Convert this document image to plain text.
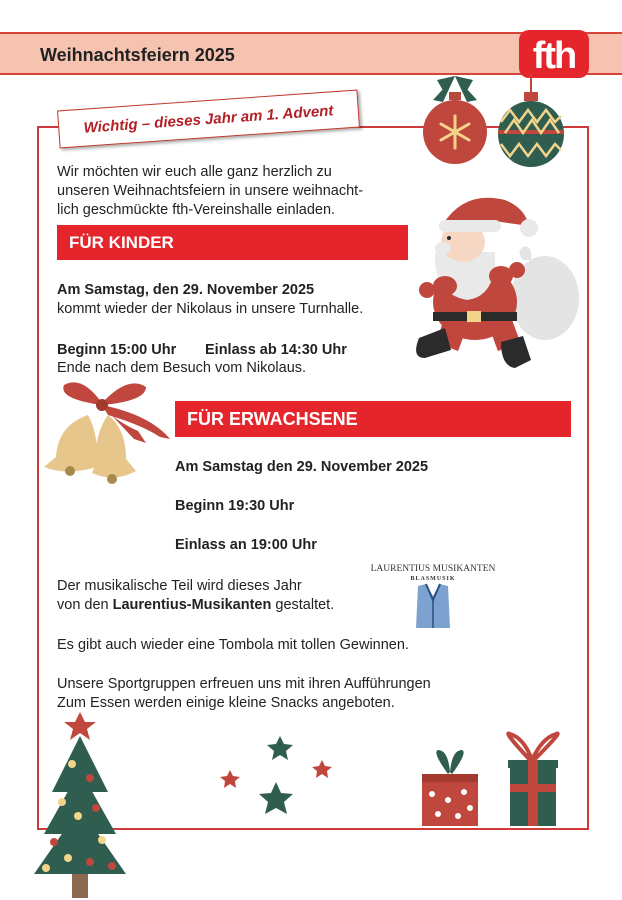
Weihnachtsfeiern 2025	fth
Wichtig – dieses Jahr am 1. Advent
Wir möchten wir euch alle ganz herzlich zu
unseren Weihnachtsfeiern in unsere weihnacht-
lich geschmückte fth-Vereinshalle einladen.
FÜR KINDER
Am Samstag, den 29. November 2025
kommt wieder der Nikolaus in unsere Turnhalle.
Beginn 15:00 Uhr Einlass ab 14:30 Uhr
Ende nach dem Besuch vom Nikolaus.
FÜR ERWACHSENE
Am Samstag den 29. November 2025
Beginn 19:30 Uhr
Einlass an 19:00 Uhr
LAURENTIUS MUSIKANTEN
BLASMUSIK
Der musikalische Teil wird dieses Jahr
von den Laurentius-Musikanten gestaltet.
Es gibt auch wieder eine Tombola mit tollen Gewinnen.
Unsere Sportgruppen erfreuen uns mit ihren Aufführungen
Zum Essen werden einige kleine Snacks angeboten.
